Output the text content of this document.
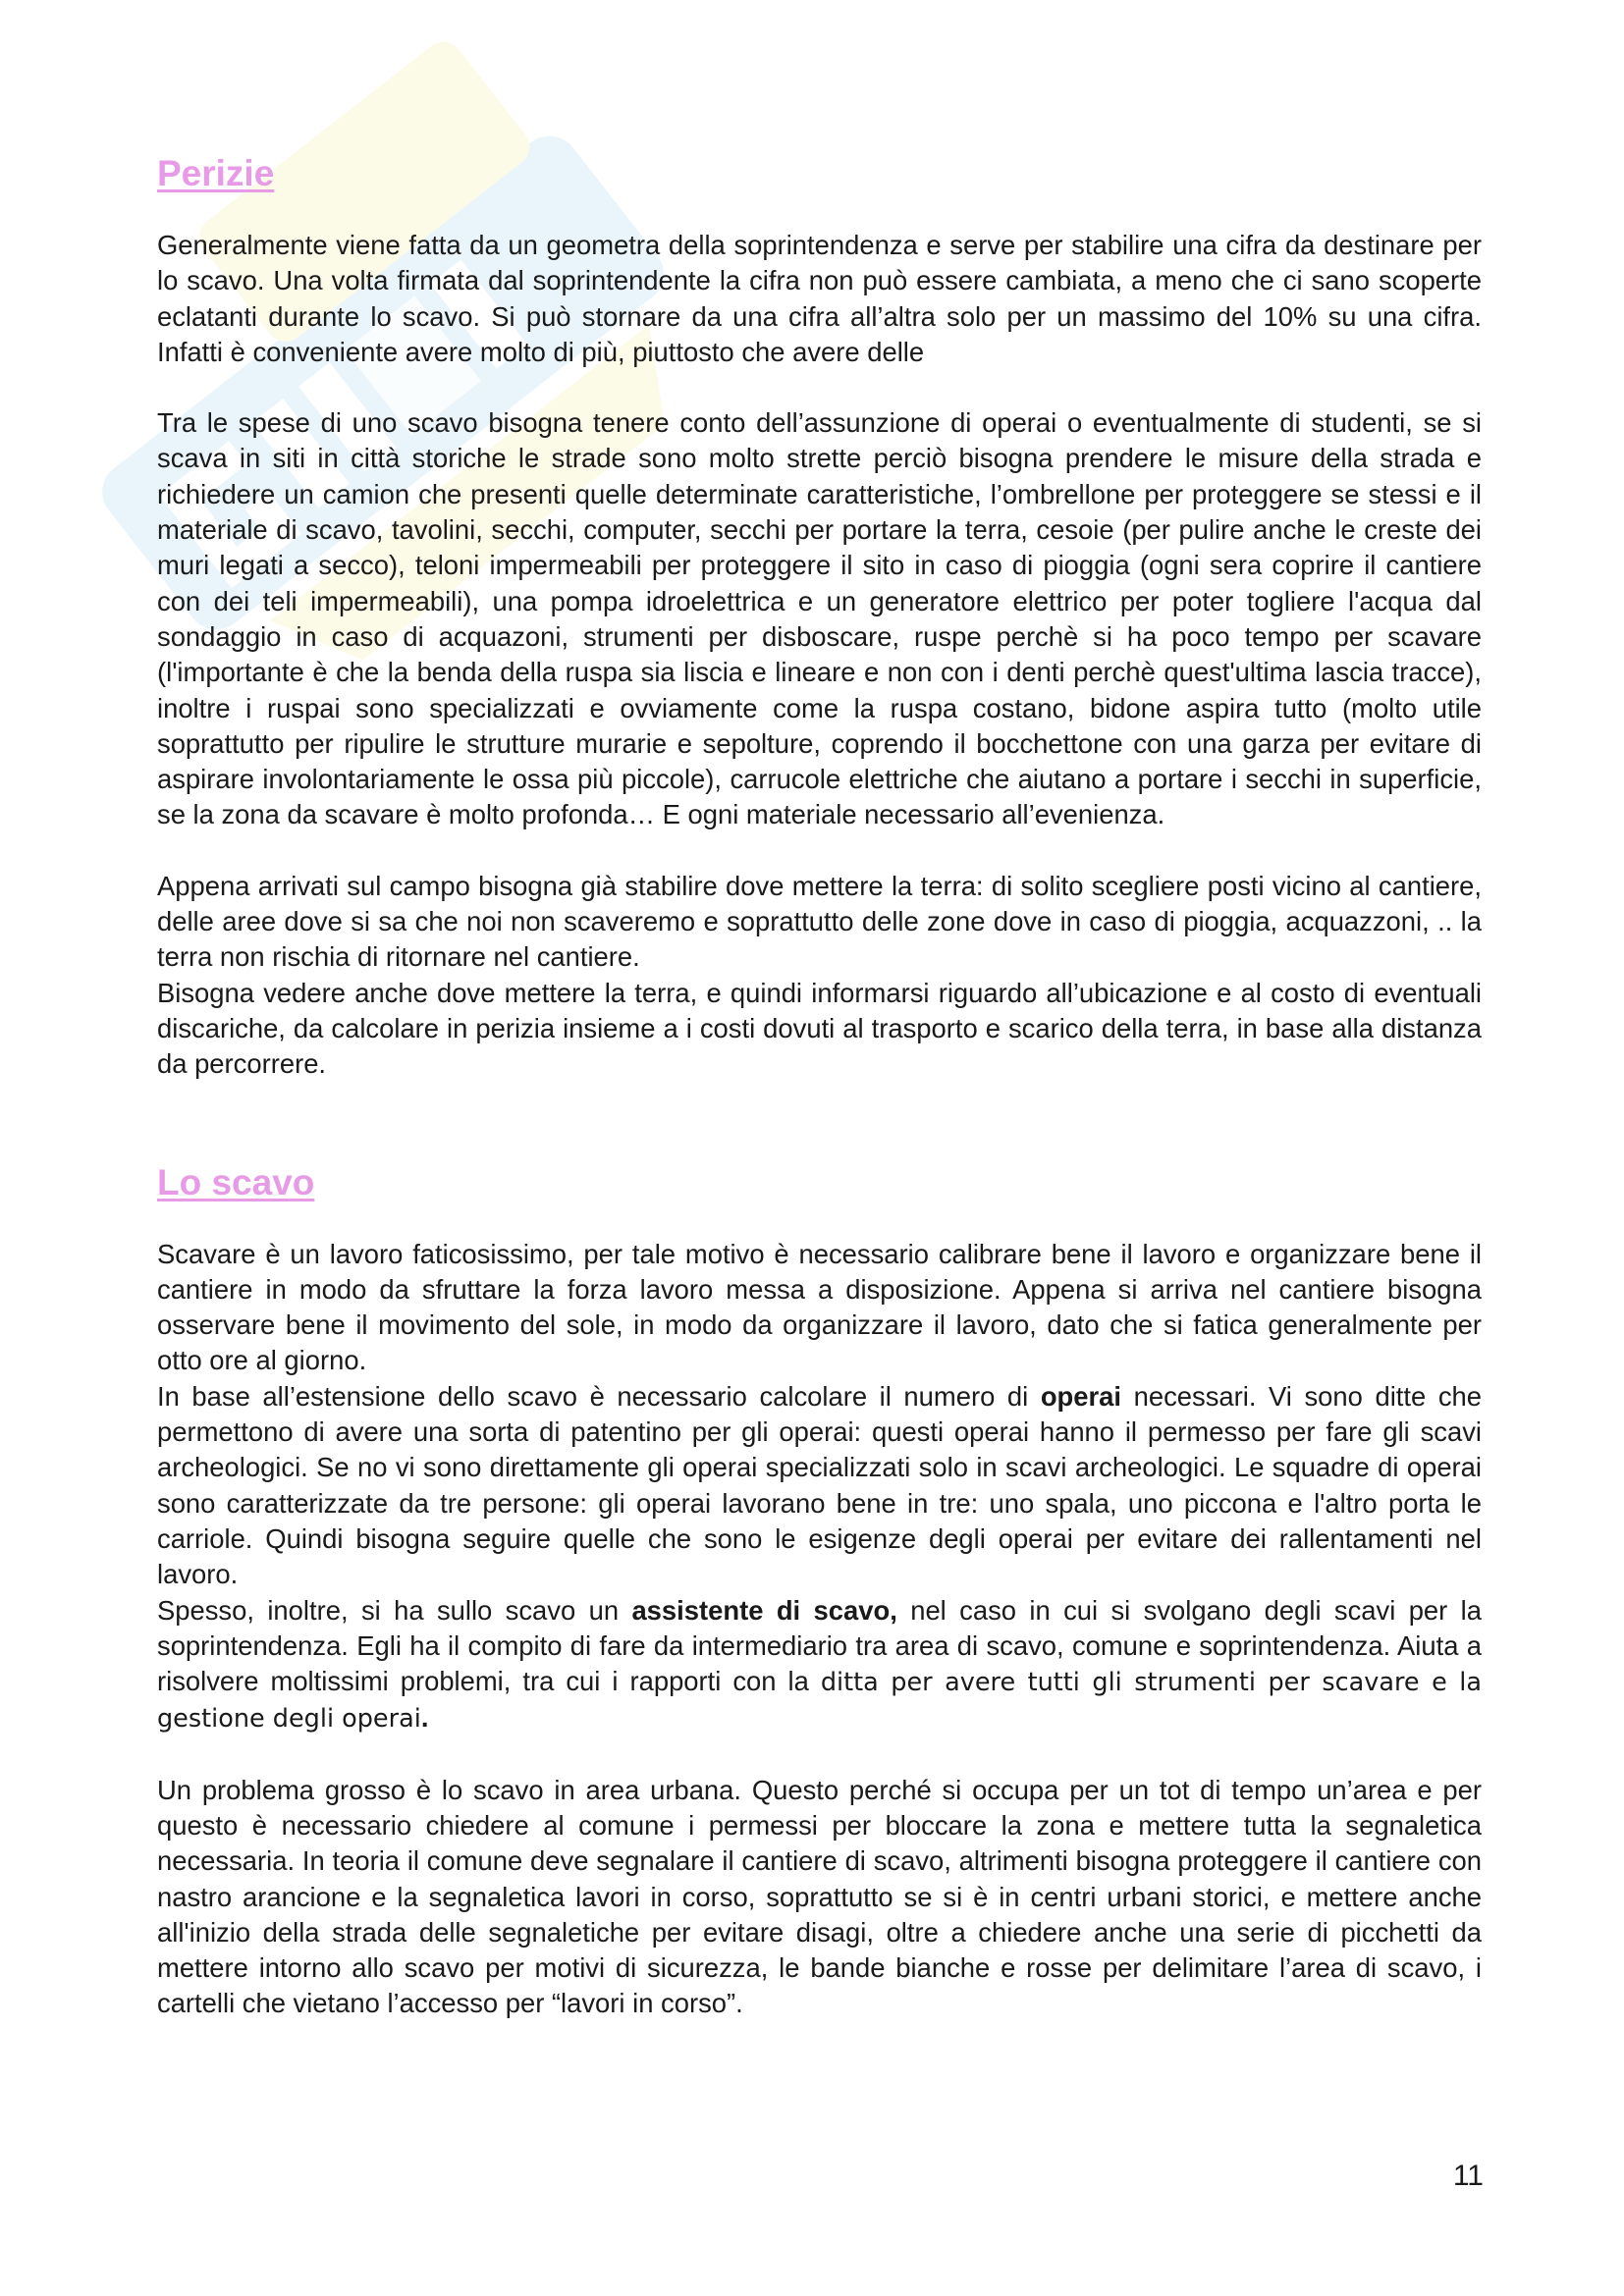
Perizie

Generalmente viene fatta da un geometra della soprintendenza e serve per stabilire una cifra da destinare per lo scavo. Una volta firmata dal soprintendente la cifra non può essere cambiata, a meno che ci sano scoperte eclatanti durante lo scavo. Si può stornare da una cifra all’altra solo per un massimo del 10% su una cifra. Infatti è conveniente avere molto di più, piuttosto che avere delle

Tra le spese di uno scavo bisogna tenere conto dell’assunzione di operai o eventualmente di studenti, se si scava in siti in città storiche le strade sono molto strette perciò bisogna prendere le misure della strada e richiedere un camion che presenti quelle determinate caratteristiche, l’ombrellone per proteggere se stessi e il materiale di scavo, tavolini, secchi, computer, secchi per portare la terra, cesoie (per pulire anche le creste dei muri legati a secco), teloni impermeabili per proteggere il sito in caso di pioggia (ogni sera coprire il cantiere con dei teli impermeabili), una pompa idroelettrica e un generatore elettrico per poter togliere l'acqua dal sondaggio in caso di acquazoni, strumenti per disboscare, ruspe perchè si ha poco tempo per scavare (l'importante è che la benda della ruspa sia liscia e lineare e non con i denti perchè quest'ultima lascia tracce), inoltre i ruspai sono specializzati e ovviamente come la ruspa costano, bidone aspira tutto (molto utile soprattutto per ripulire le strutture murarie e sepolture, coprendo il bocchettone con una garza per evitare di aspirare involontariamente le ossa più piccole), carrucole elettriche che aiutano a portare i secchi in superficie, se la zona da scavare è molto profonda… E ogni materiale necessario all’evenienza.

Appena arrivati sul campo bisogna già stabilire dove mettere la terra: di solito scegliere posti vicino al cantiere, delle aree dove si sa che noi non scaveremo e soprattutto delle zone dove in caso di pioggia, acquazzoni, .. la terra non rischia di ritornare nel cantiere.

Bisogna vedere anche dove mettere la terra, e quindi informarsi riguardo all’ubicazione e al costo di eventuali discariche, da calcolare in perizia insieme a i costi dovuti al trasporto e scarico della terra, in base alla distanza da percorrere.

Lo scavo

Scavare è un lavoro faticosissimo, per tale motivo è necessario calibrare bene il lavoro e organizzare bene il cantiere in modo da sfruttare la forza lavoro messa a disposizione. Appena si arriva nel cantiere bisogna osservare bene il movimento del sole, in modo da organizzare il lavoro, dato che si fatica generalmente per otto ore al giorno.

In base all’estensione dello scavo è necessario calcolare il numero di operai necessari. Vi sono ditte che permettono di avere una sorta di patentino per gli operai: questi operai hanno il permesso per fare gli scavi archeologici. Se no vi sono direttamente gli operai specializzati solo in scavi archeologici. Le squadre di operai sono caratterizzate da tre persone: gli operai lavorano bene in tre: uno spala, uno piccona e l'altro porta le carriole. Quindi bisogna seguire quelle che sono le esigenze degli operai per evitare dei rallentamenti nel lavoro.

Spesso, inoltre, si ha sullo scavo un assistente di scavo, nel caso in cui si svolgano degli scavi per la soprintendenza. Egli ha il compito di fare da intermediario tra area di scavo, comune e soprintendenza. Aiuta a risolvere moltissimi problemi, tra cui i rapporti con la ditta per avere tutti gli strumenti per scavare e la gestione degli operai.

Un problema grosso è lo scavo in area urbana. Questo perché si occupa per un tot di tempo un’area e per questo è necessario chiedere al comune i permessi per bloccare la zona e mettere tutta la segnaletica necessaria. In teoria il comune deve segnalare il cantiere di scavo, altrimenti bisogna proteggere il cantiere con nastro arancione e la segnaletica lavori in corso, soprattutto se si è in centri urbani storici, e mettere anche all'inizio della strada delle segnaletiche per evitare disagi, oltre a chiedere anche una serie di picchetti da mettere intorno allo scavo per motivi di sicurezza, le bande bianche e rosse per delimitare l’area di scavo, i cartelli che vietano l’accesso per “lavori in corso”.

11
